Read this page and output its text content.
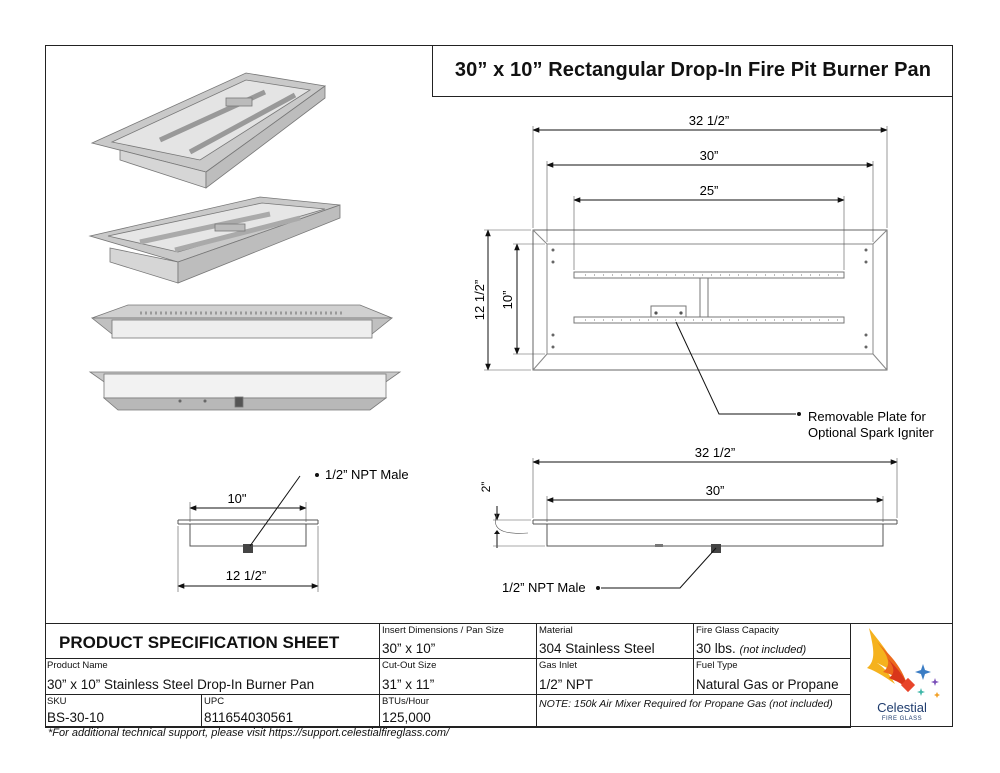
30” x 10” Rectangular Drop-In Fire Pit Burner Pan
10"
12 1/2”
1/2” NPT Male
32 1/2”
30”
25”
12 1/2” 10”
Removable Plate for
Optional Spark Igniter
32 1/2”
30”
2”
1/2” NPT Male
PRODUCT SPECIFICATION SHEET
Insert Dimensions / Pan Size
30” x 10”
Material
304 Stainless Steel
Fire Glass Capacity
30 lbs. (not included)
Product Name
30” x 10” Stainless Steel Drop-In Burner Pan
Cut-Out Size
31” x 11”
Gas Inlet
1/2” NPT
Fuel Type
Natural Gas or Propane
SKU
BS-30-10
UPC
811654030561
BTUs/Hour
125,000
NOTE: 150k Air Mixer Required for Propane Gas (not included)	Celestial
FIRE GLASS
*For additional technical support, please visit https://support.celestialfireglass.com/
